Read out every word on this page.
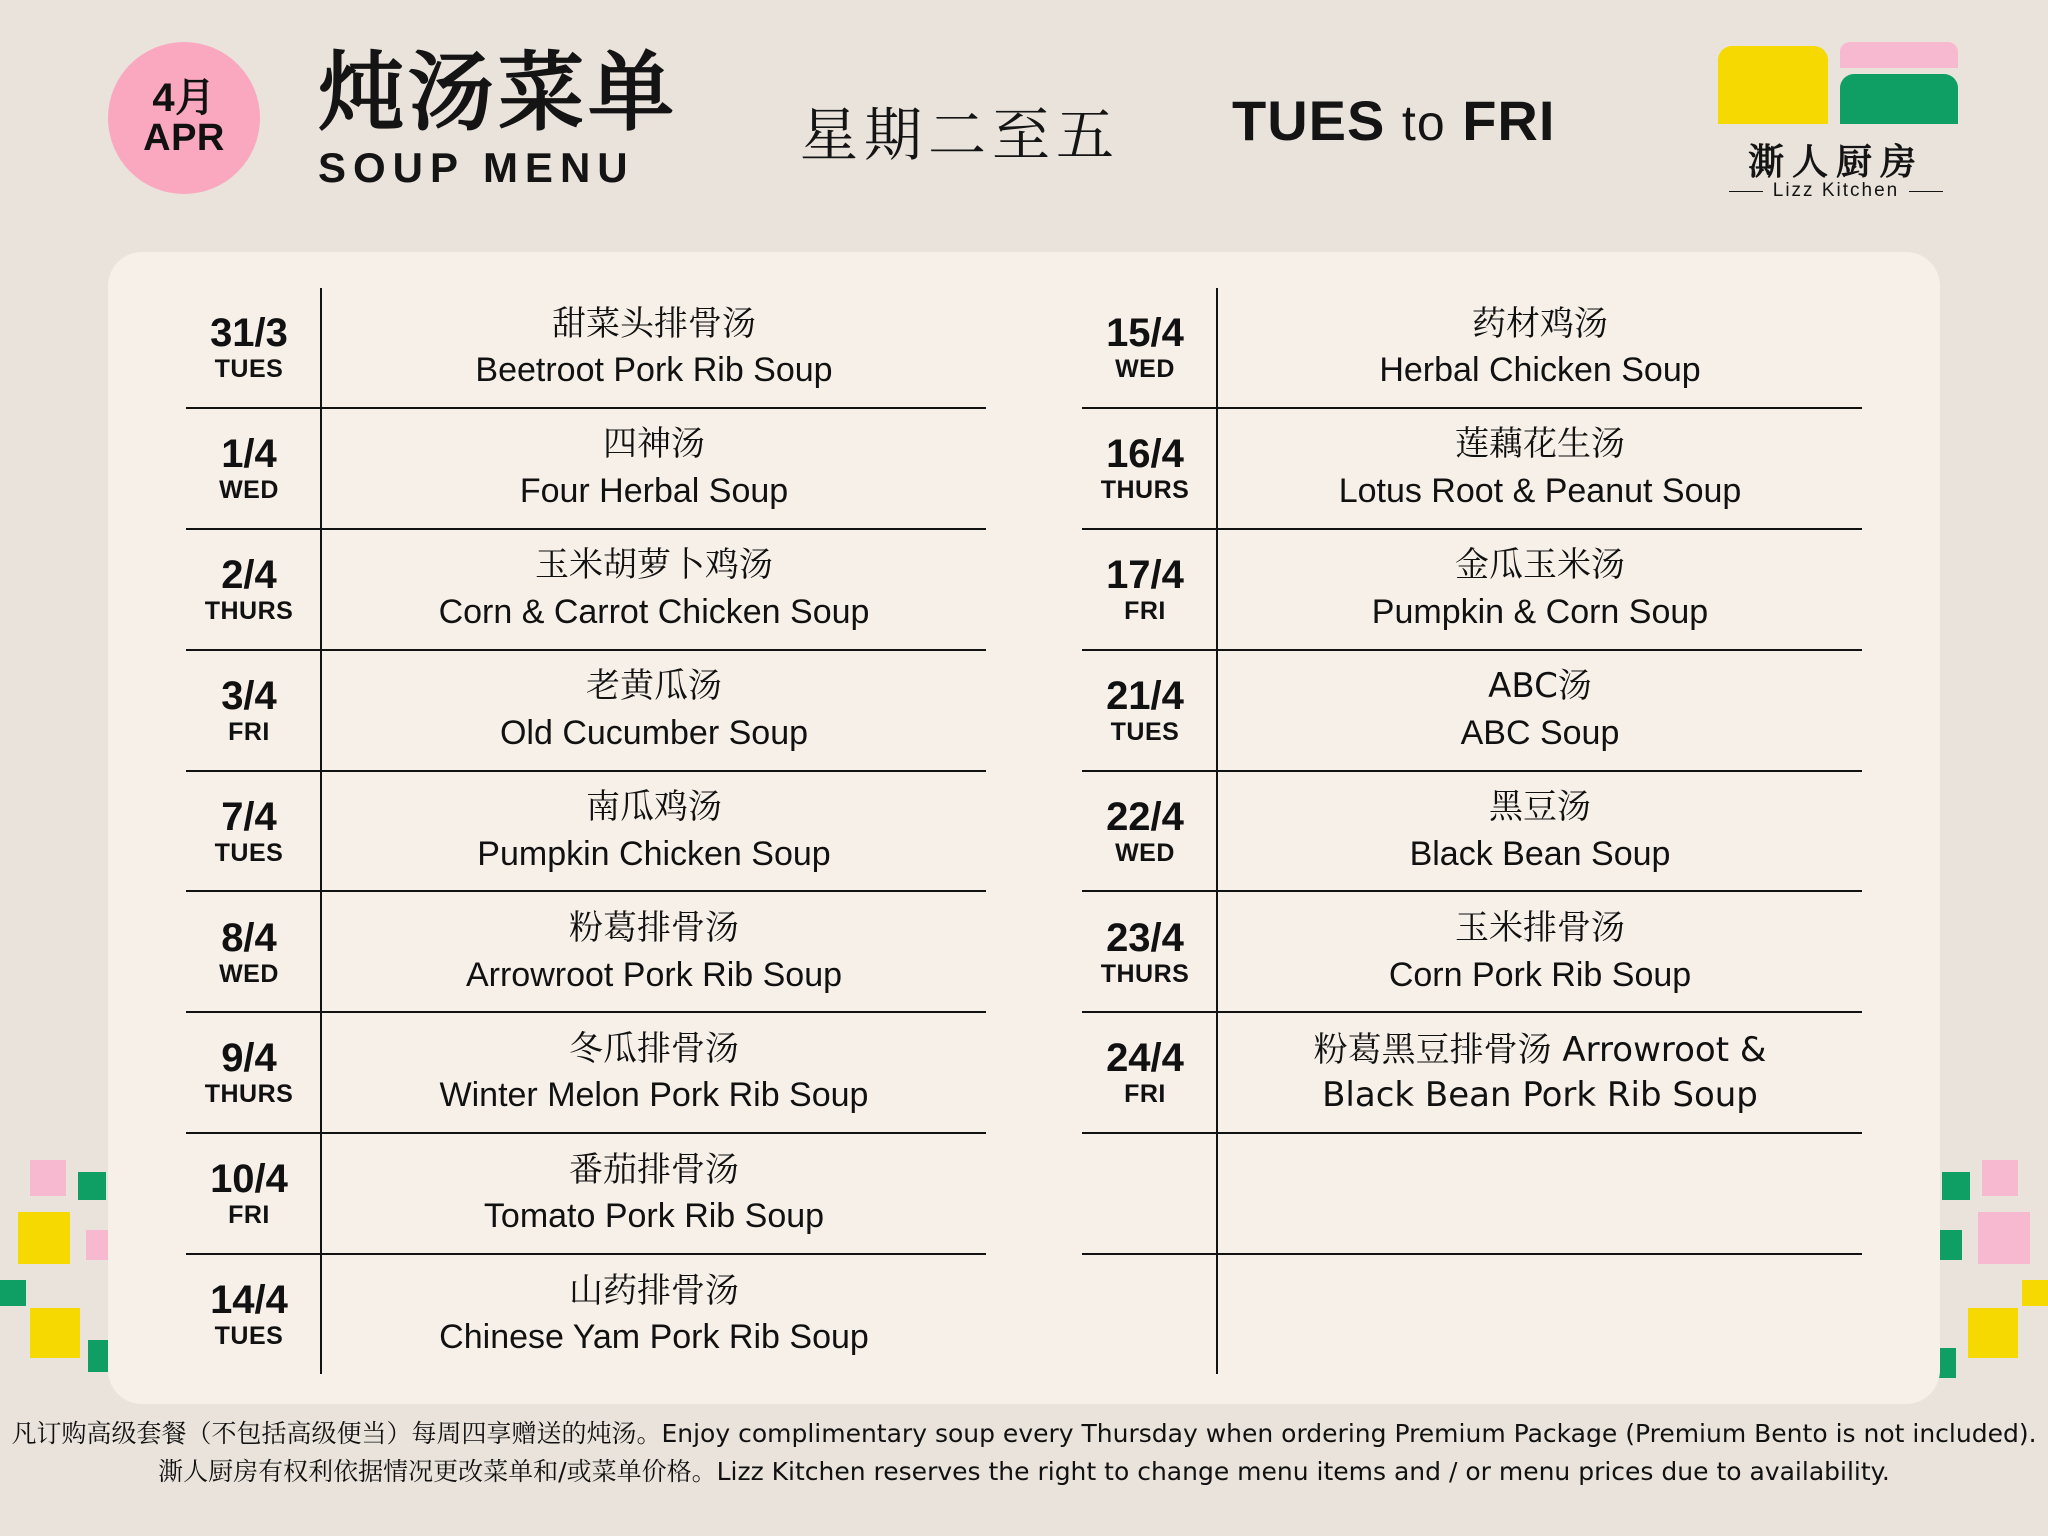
4月
APR 炖汤菜单
SOUP MENU	星期二至五 TUES to FRI
澌人厨房
Lizz Kitchen
31/3
TUES
甜菜头排骨汤
Beetroot Pork Rib Soup
1/4
WED
四神汤
Four Herbal Soup
2/4
THURS
玉米胡萝卜鸡汤
Corn & Carrot Chicken Soup
3/4
FRI
老黄瓜汤
Old Cucumber Soup
7/4
TUES
南瓜鸡汤
Pumpkin Chicken Soup
8/4
WED
粉葛排骨汤
Arrowroot Pork Rib Soup
9/4
THURS
冬瓜排骨汤
Winter Melon Pork Rib Soup
10/4
FRI
番茄排骨汤
Tomato Pork Rib Soup
14/4
TUES
山药排骨汤
Chinese Yam Pork Rib Soup
15/4
WED
药材鸡汤
Herbal Chicken Soup
16/4
THURS
莲藕花生汤
Lotus Root & Peanut Soup
17/4
FRI
金瓜玉米汤
Pumpkin & Corn Soup
21/4
TUES
ABC汤
ABC Soup
22/4
WED
黑豆汤
Black Bean Soup
23/4
THURS
玉米排骨汤
Corn Pork Rib Soup
24/4
FRI
粉葛黑豆排骨汤 Arrowroot &
Black Bean Pork Rib Soup
凡订购高级套餐（不包括高级便当）每周四享赠送的炖汤。Enjoy complimentary soup every Thursday when ordering Premium Package (Premium Bento is not included).
澌人厨房有权利依据情况更改菜单和/或菜单价格。Lizz Kitchen reserves the right to change menu items and / or menu prices due to availability.
